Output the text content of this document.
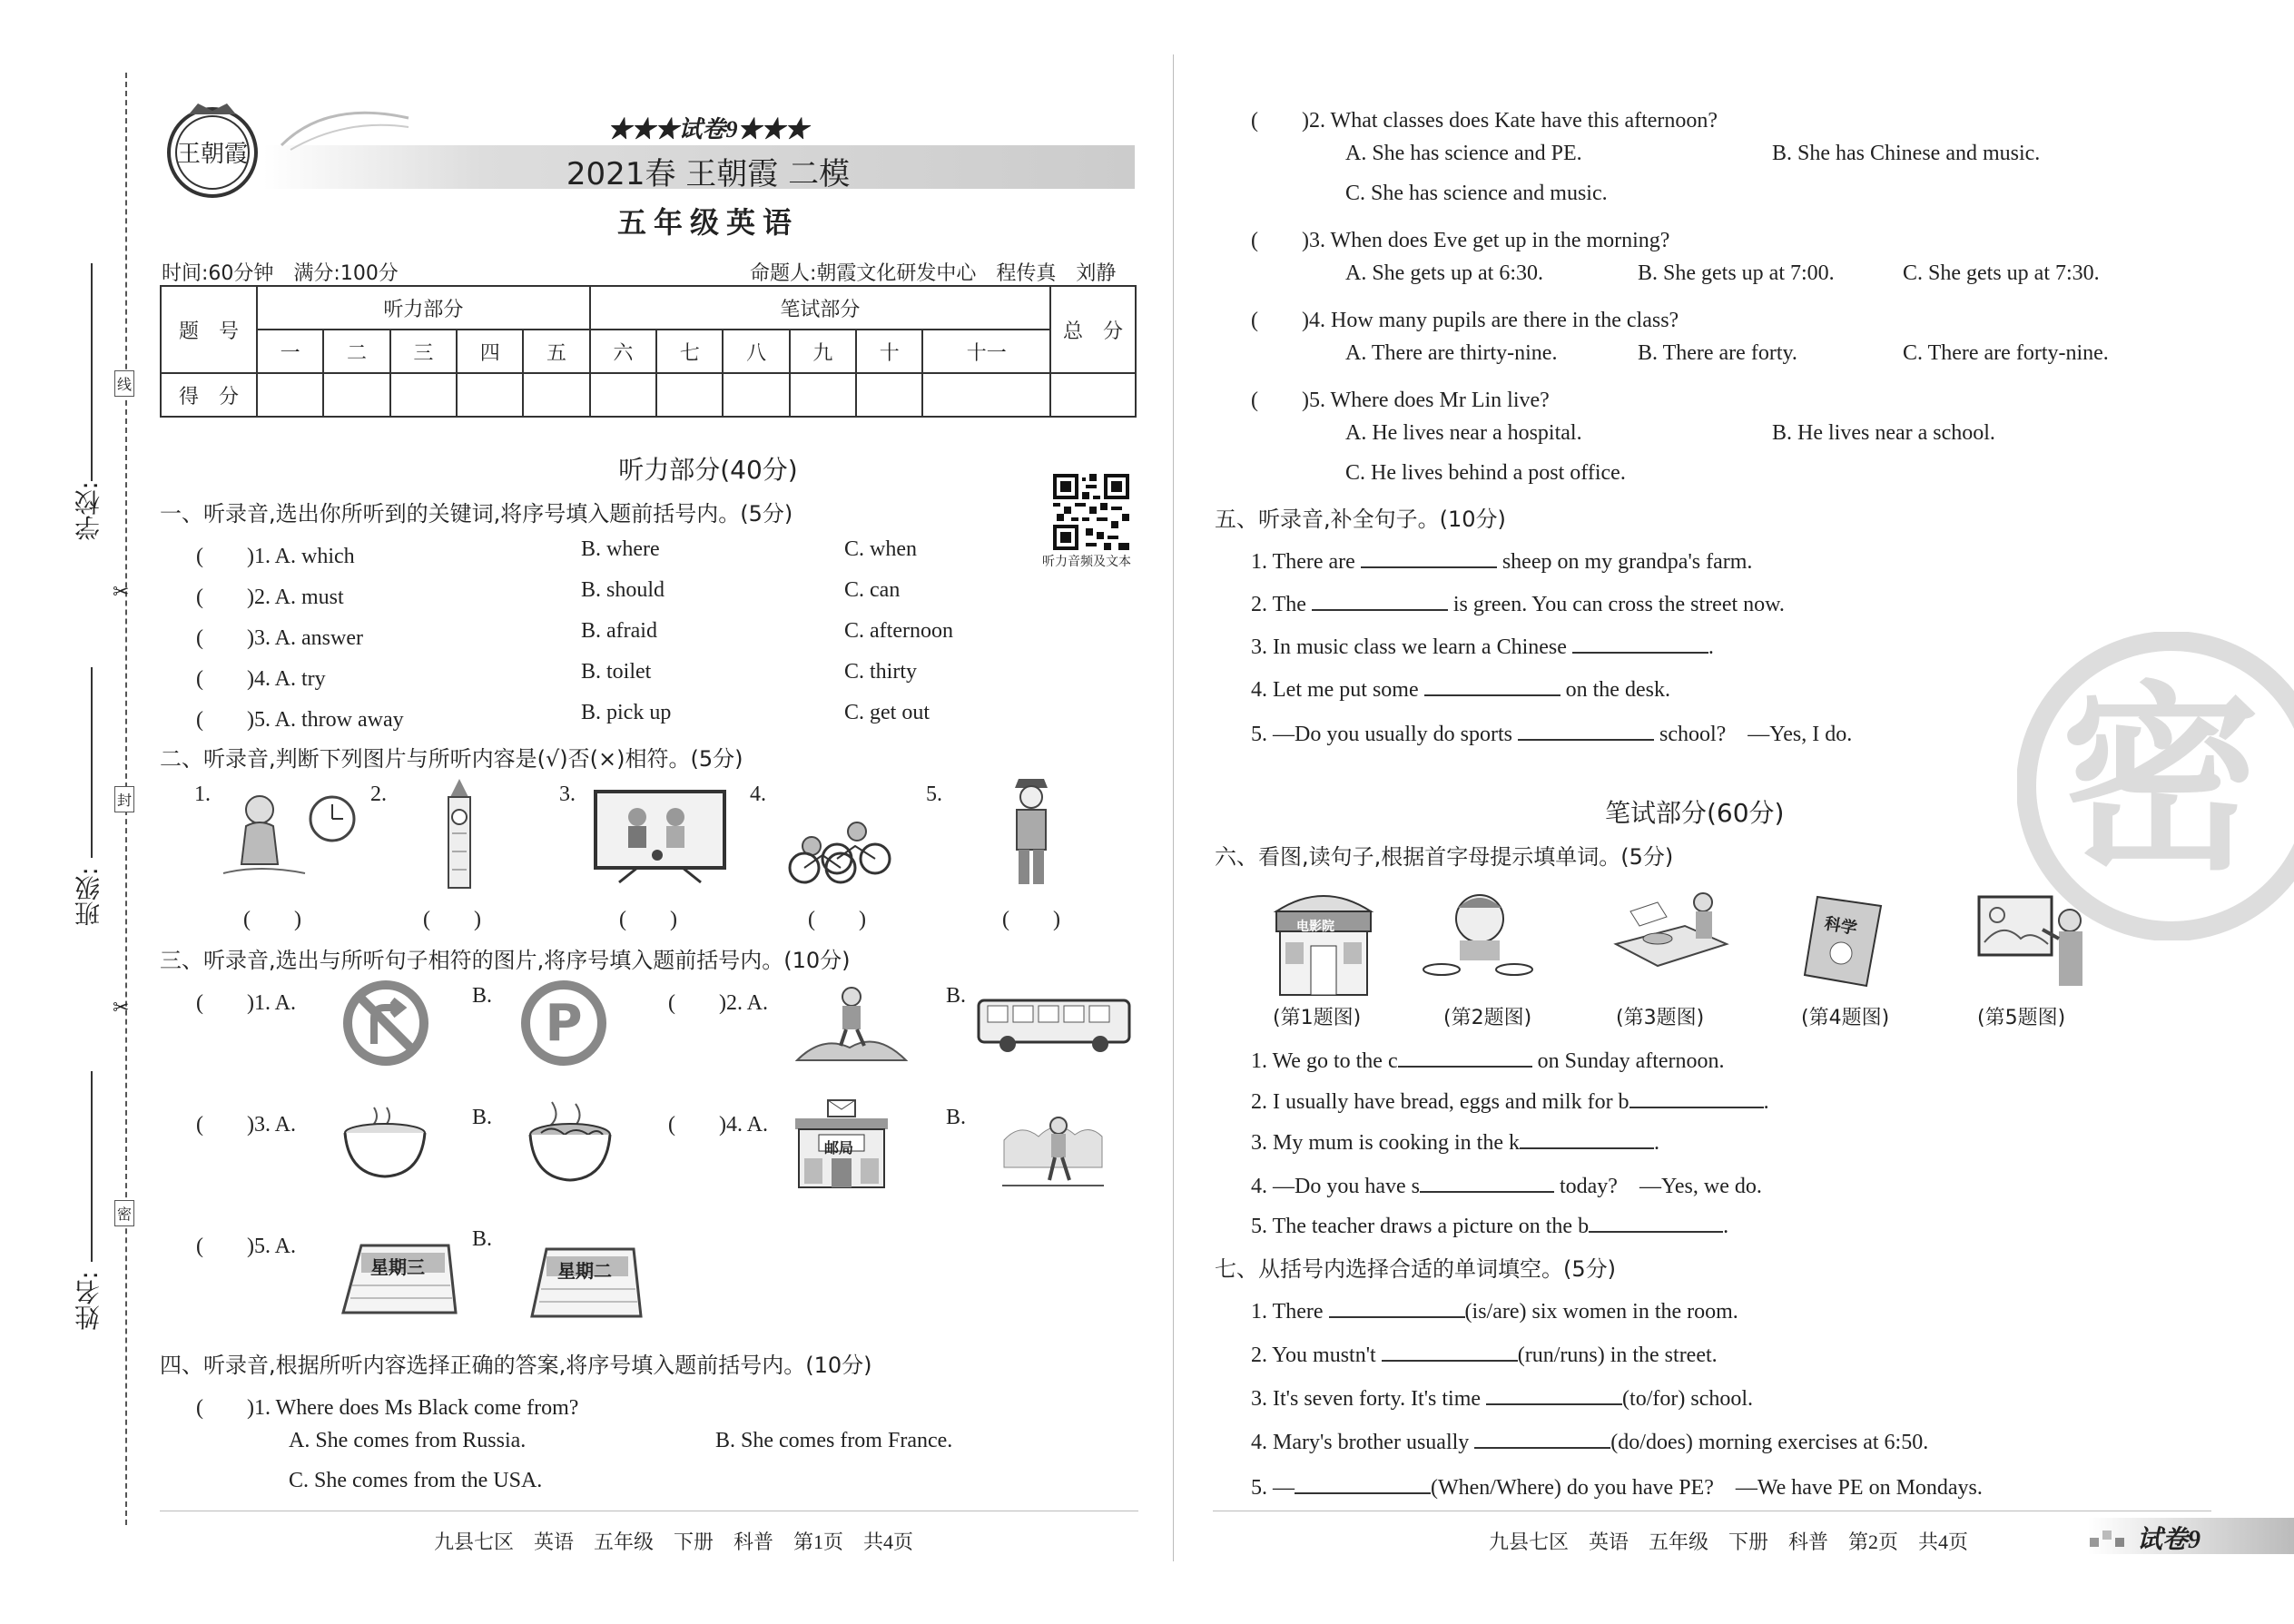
学校:
班级:
姓名:
线
封
密
✂
✂
王朝霞
★★★试卷9★★★
2021春 王朝霞 二模
五年级英语
时间:60分钟　满分:100分	命题人:朝霞文化研发中心　程传真　刘静
题　号	听力部分					笔试部分						总　分
	一	二	三	四	五	六	七	八	九	十	十一	
得　分												
听力部分(40分)
听力音频及文本
一、听录音,选出你所听到的关键词,将序号填入题前括号内。(5分)
(　　)1. A. which	B. where	C. when
(　　)2. A. must	B. should	C. can
(　　)3. A. answer	B. afraid	C. afternoon
(　　)4. A. try	B. toilet	C. thirty
(　　)5. A. throw away	B. pick up	C. get out
二、听录音,判断下列图片与所听内容是(√)否(×)相符。(5分)
1.	2.	3.	4.	5.
(　　)	(　　)	(　　)	(　　)	(　　)
三、听录音,选出与所听句子相符的图片,将序号填入题前括号内。(10分)
(　　)1. A.	B. P	(　　)2. A.	B.
(　　)3. A.	B.	(　　)4. A.
邮局
B.
(　　)5. A.
星期三
B.
星期二
四、听录音,根据所听内容选择正确的答案,将序号填入题前括号内。(10分)
(　　)1. Where does Ms Black come from?
A. She comes from Russia.	B. She comes from France.
C. She comes from the USA.
密
(　　)2. What classes does Kate have this afternoon?
A. She has science and PE.	B. She has Chinese and music.
C. She has science and music.
(　　)3. When does Eve get up in the morning?
A. She gets up at 6:30.	B. She gets up at 7:00.	C. She gets up at 7:30.
(　　)4. How many pupils are there in the class?
A. There are thirty-nine.	B. There are forty.	C. There are forty-nine.
(　　)5. Where does Mr Lin live?
A. He lives near a hospital.	B. He lives near a school.
C. He lives behind a post office.
五、听录音,补全句子。(10分)
1. There are	sheep on my grandpa's farm.
2. The	is green. You can cross the street now.
3. In music class we learn a Chinese	.
4. Let me put some	on the desk.
5. —Do you usually do sports	school?　—Yes, I do.
笔试部分(60分)
六、看图,读句子,根据首字母提示填单词。(5分)
电影院	科学
(第1题图)	(第2题图)	(第3题图)	(第4题图)	(第5题图)
1. We go to the c	on Sunday afternoon.
2. I usually have bread, eggs and milk for b	.
3. My mum is cooking in the k	.
4. —Do you have s	today?　—Yes, we do.
5. The teacher draws a picture on the b	.
七、从括号内选择合适的单词填空。(5分)
1. There	(is/are) six women in the room.
2. You mustn't	(run/runs) in the street.
3. It's seven forty. It's time	(to/for) school.
4. Mary's brother usually	(do/does) morning exercises at 6:50.
5. —	(When/Where) do you have PE?　—We have PE on Mondays.
九县七区　英语　五年级　下册　科普　第1页　共4页	九县七区　英语　五年级　下册　科普　第2页　共4页	试卷9
